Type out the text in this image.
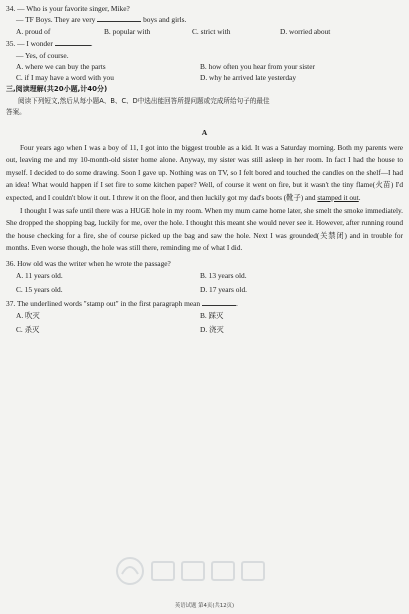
34. — Who is your favorite singer, Mike?
— TF Boys. They are very	boys and girls.
A. proud of	B. popular with	C. strict with	D. worried about
35. — I wonder	.
— Yes, of course.
A. where we can buy the parts	B. how often you hear from your sister
C. if I may have a word with you	D. why he arrived late yesterday
三,阅读理解(共20小题,计40分)
阅读下列短文,然后从每小题A、B、C、D中选出能回答所提问题或完成所给句子的最佳
答案。
A

Four years ago when I was a boy of 11, I got into the biggest trouble as a kid. It was a Saturday morning. Both my parents were out, leaving me and my 10-month-old sister home alone. Anyway, my sister was still asleep in her room. In fact I had the house to myself. I decided to do some drawing. Soon I gave up. Nothing was on TV, so I felt bored and touched the candles on the shelf—I had an idea! What would happen if I set fire to some kitchen paper? Well, of course it went on fire, but it wasn't the tiny flame(火苗) I'd expected, and I couldn't blow it out. I threw it on the floor, and then luckily got my dad's boots (靴子) and stamped it out.

I thought I was safe until there was a HUGE hole in my room. When my mum came home later, she smelt the smoke immediately. She dropped the shopping bag, luckily for me, over the hole. I thought this meant she would never see it. However, after running round the house checking for a fire, she of course picked up the bag and saw the hole. Next I was grounded(关禁闭) and in trouble for months. Even worse though, the hole was still there, reminding me of what I did.

36. How old was the writer when he wrote the passage?
A. 11 years old.	B. 13 years old.
C. 15 years old.	D. 17 years old.
37. The underlined words "stamp out" in the first paragraph mean	.
A. 吹灭	B. 踩灭
C. 杀灭	D. 浇灭
英语试题 第4页(共12页)
